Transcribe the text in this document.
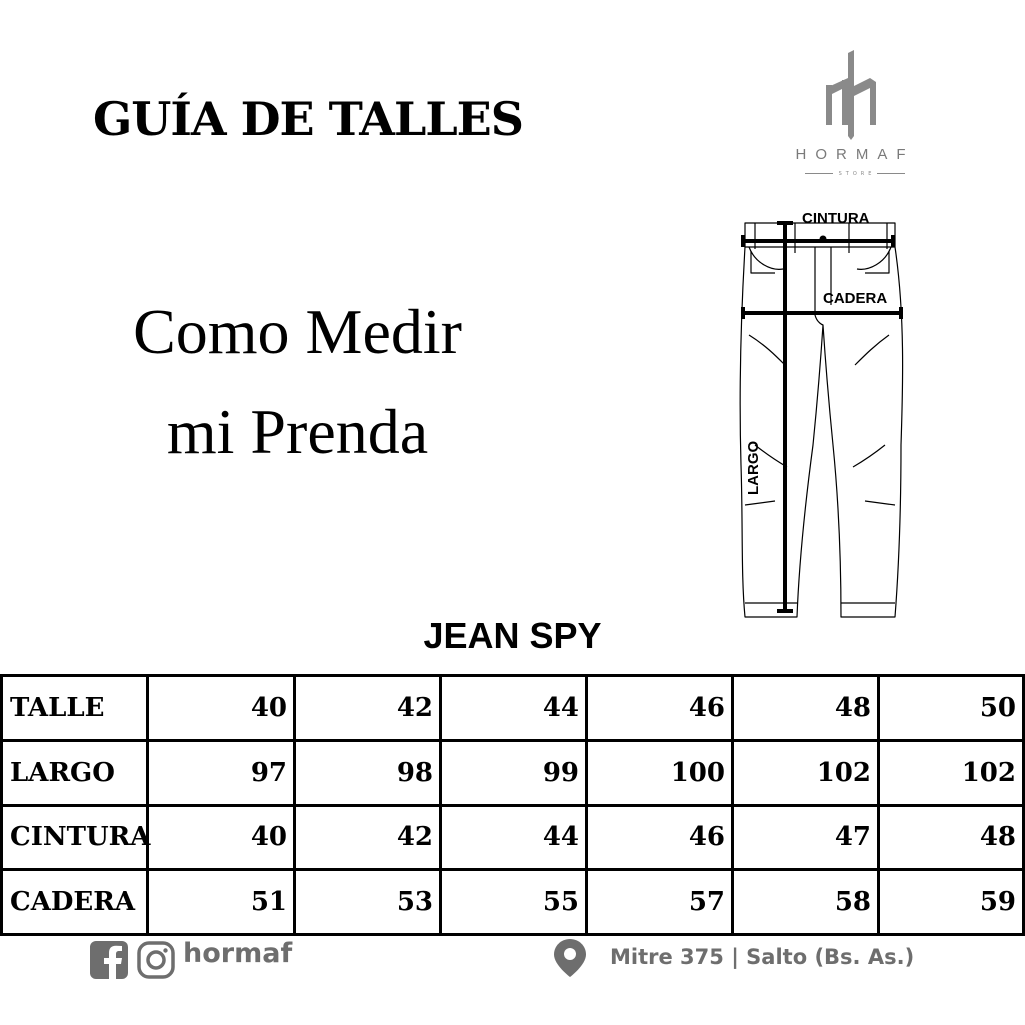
GUÍA DE TALLES
Como Medir
mi Prenda
HORMAF
STORE
CINTURA
CADERA
LARGO
JEAN SPY
TALLE	40	42	44	46	48	50
LARGO	97	98	99	100	102	102
CINTURA	40	42	44	46	47	48
CADERA	51	53	55	57	58	59
hormaf	Mitre 375 | Salto (Bs. As.)
